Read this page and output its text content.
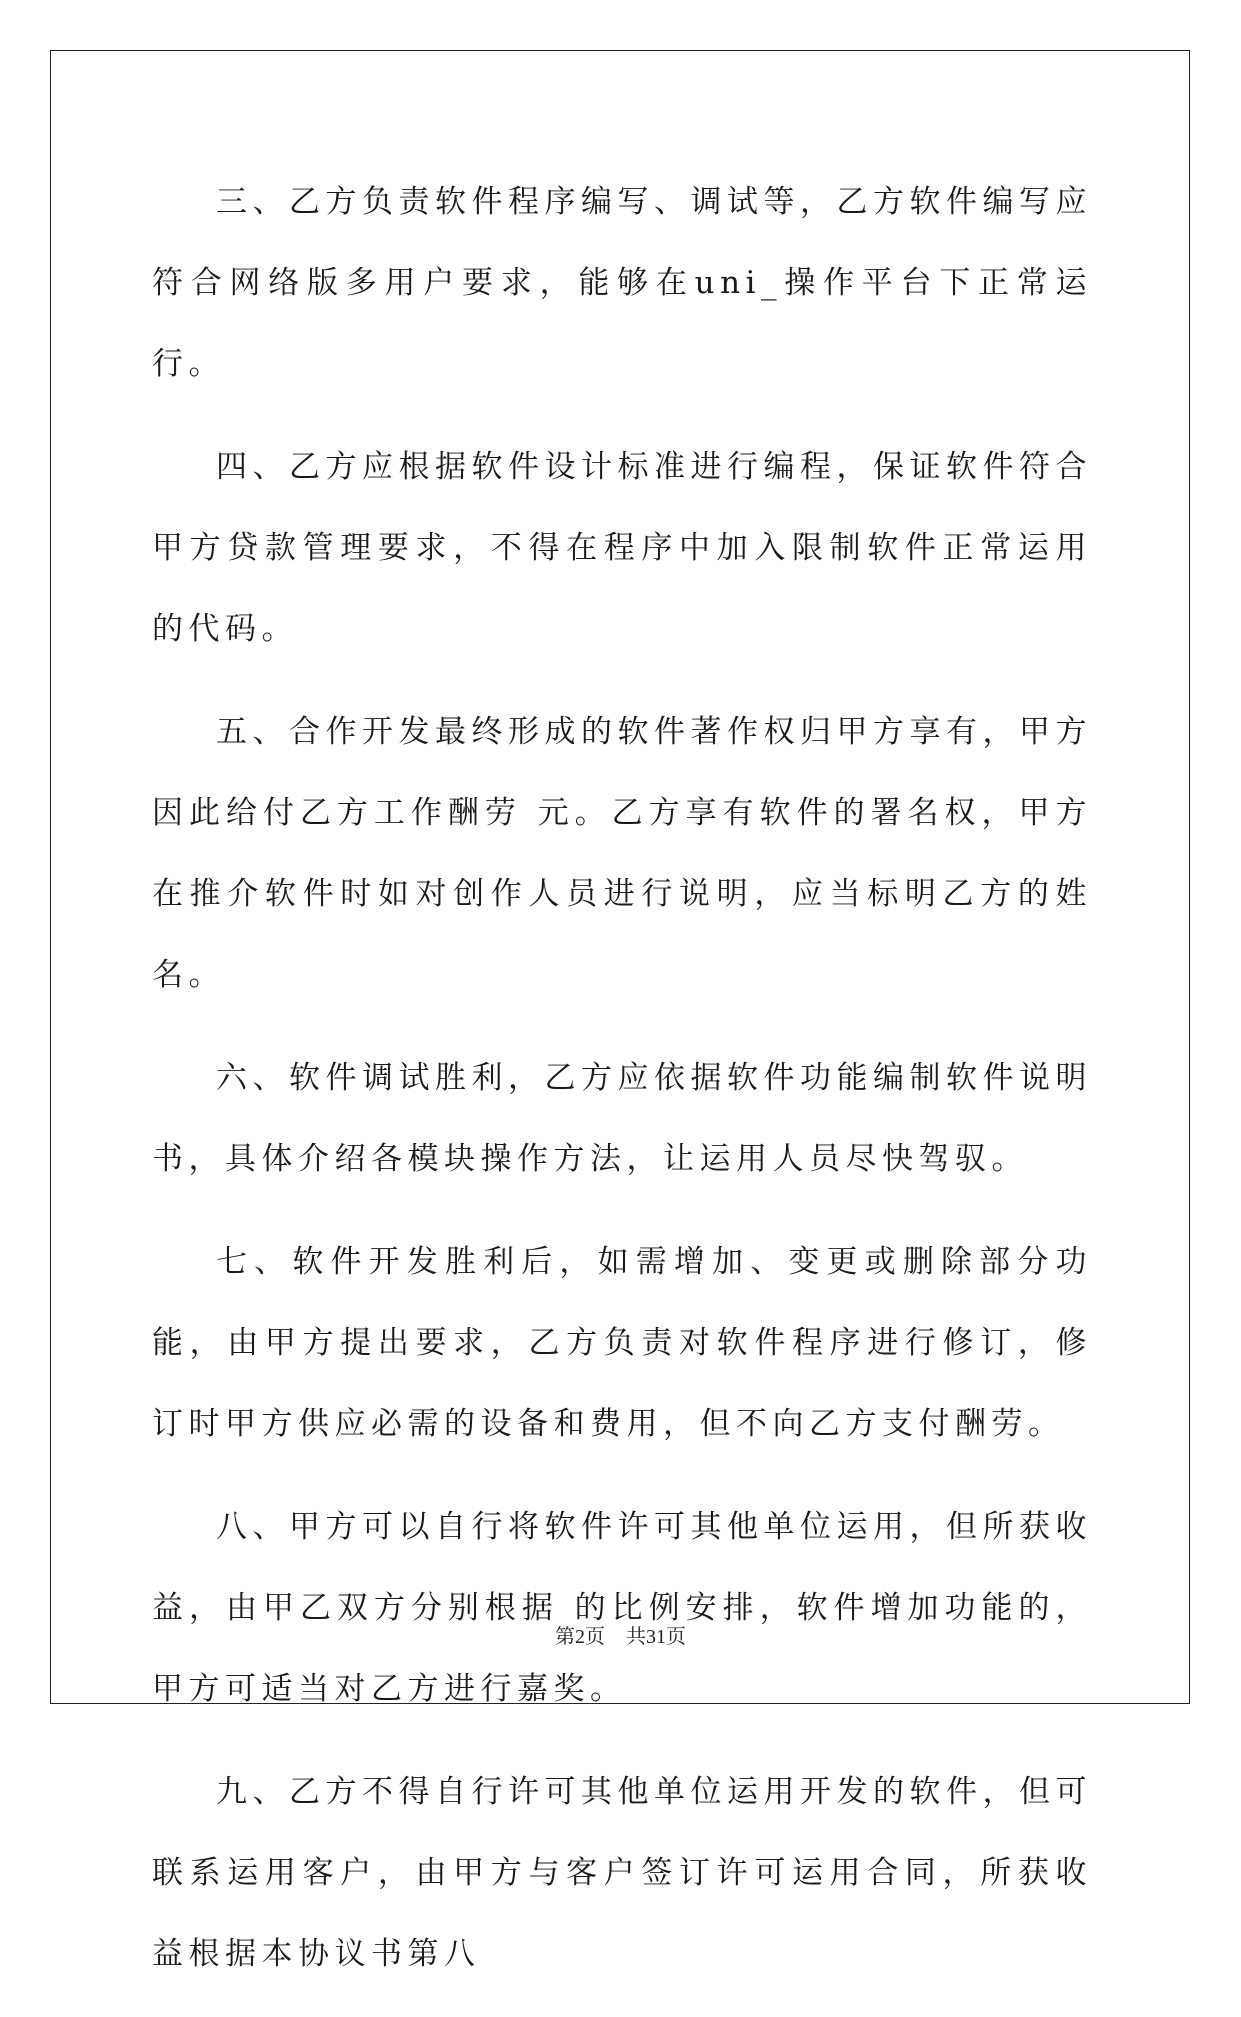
三、乙方负责软件程序编写、调试等，乙方软件编写应符合网络版多用户要求，能够在uni_操作平台下正常运行。

四、乙方应根据软件设计标准进行编程，保证软件符合甲方贷款管理要求，不得在程序中加入限制软件正常运用的代码。

五、合作开发最终形成的软件著作权归甲方享有，甲方因此给付乙方工作酬劳 元。乙方享有软件的署名权，甲方在推介软件时如对创作人员进行说明，应当标明乙方的姓名。

六、软件调试胜利，乙方应依据软件功能编制软件说明书，具体介绍各模块操作方法，让运用人员尽快驾驭。

七、软件开发胜利后，如需增加、变更或删除部分功能，由甲方提出要求，乙方负责对软件程序进行修订，修订时甲方供应必需的设备和费用，但不向乙方支付酬劳。

八、甲方可以自行将软件许可其他单位运用，但所获收益，由甲乙双方分别根据 的比例安排，软件增加功能的，甲方可适当对乙方进行嘉奖。

九、乙方不得自行许可其他单位运用开发的软件，但可联系运用客户，由甲方与客户签订许可运用合同，所获收益根据本协议书第八

第2页 共31页
